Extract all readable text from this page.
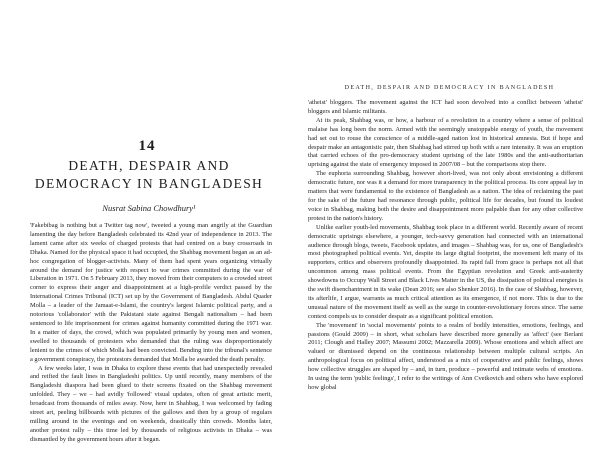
14
DEATH, DESPAIR AND
DEMOCRACY IN BANGLADESH
Nusrat Sabina Chowdhury¹

'Fakebibag is nothing but a Twitter tag now', tweeted a young man angrily at the Guardian lamenting the day before Bangladesh celebrated its 42nd year of independence in 2013. The lament came after six weeks of charged protests that had centred on a busy crossroads in Dhaka. Named for the physical space it had occupied, the Shahbag movement began as an ad-hoc congregation of blogger-activists. Many of them had spent years organizing virtually around the demand for justice with respect to war crimes committed during the war of Liberation in 1971. On 5 February 2013, they moved from their computers to a crowded street corner to express their anger and disappointment at a high-profile verdict passed by the International Crimes Tribunal (ICT) set up by the Government of Bangladesh. Abdul Quader Molla – a leader of the Jamaat-e-Islami, the country's largest Islamic political party, and a notorious 'collaborator' with the Pakistani state against Bengali nationalism – had been sentenced to life imprisonment for crimes against humanity committed during the 1971 war. In a matter of days, the crowd, which was populated primarily by young men and women, swelled to thousands of protesters who demanded that the ruling was disproportionately lenient to the crimes of which Molla had been convicted. Bending into the tribunal's sentence a government conspiracy, the protestors demanded that Molla be awarded the death penalty.

A few weeks later, I was in Dhaka to explore these events that had unexpectedly revealed and reified the fault lines in Bangladeshi politics. Up until recently, many members of the Bangladeshi diaspora had been glued to their screens fixated on the Shahbag movement unfolded. They – we – had avidly 'followed' visual updates, often of great artistic merit, broadcast from thousands of miles away. Now, here in Shahbag, I was welcomed by fading street art, peeling billboards with pictures of the gallows and then by a group of regulars milling around in the evenings and on weekends, drastically thin crowds. Months later, another protest rally – this time led by thousands of religious activists in Dhaka – was dismantled by the government hours after it began.

DEATH, DESPAIR AND DEMOCRACY IN BANGLADESH

'atheist' bloggers. The movement against the ICT had soon devolved into a conflict between 'atheist' bloggers and Islamic militants.

At its peak, Shahbag was, or how, a harbour of a revolution in a country where a sense of political malaise has long been the norm. Armed with the seemingly unstoppable energy of youth, the movement had set out to rouse the conscience of a middle-aged nation lost in historical amnesia. But if hope and despair make an antagonistic pair, then Shahbag had stirred up both with a rare intensity. It was an eruption that carried echoes of the pro-democracy student uprising of the late 1980s and the anti-authoritarian uprising against the state of emergency imposed in 2007/08 – but the comparisons stop there.

The euphoria surrounding Shahbag, however short-lived, was not only about envisioning a different democratic future, nor was it a demand for more transparency in the political process. Its core appeal lay in matters that were fundamental to the existence of Bangladesh as a nation. The idea of reclaiming the past for the sake of the future had resonance through public, political life for decades, but found its loudest voice in Shahbag, making both the desire and disappointment more palpable than for any other collective protest in the nation's history.

Unlike earlier youth-led movements, Shahbag took place in a different world. Recently aware of recent democratic uprisings elsewhere, a younger, tech-savvy generation had connected with an international audience through blogs, tweets, Facebook updates, and images – Shahbag was, for us, one of Bangladesh's most photographed political events. Yet, despite its large digital footprint, the movement left many of its supporters, critics and observers profoundly disappointed. Its rapid fall from grace is perhaps not all that uncommon among mass political events. From the Egyptian revolution and Greek anti-austerity showdowns to Occupy Wall Street and Black Lives Matter in the US, the dissipation of political energies is the swift disenchantment in its wake (Dean 2016; see also Shenker 2016). In the case of Shahbag, however, its afterlife, I argue, warrants as much critical attention as its emergence, if not more. This is due to the unusual nature of the movement itself as well as the surge in counter-revolutionary forces since. The same context compels us to consider despair as a significant political emotion.

The 'movement' in 'social movements' points to a realm of bodily intensities, emotions, feelings, and passions (Gould 2009) – in short, what scholars have described more generally as 'affect' (see Berlant 2011; Clough and Halley 2007; Massumi 2002; Mazzarella 2009). Whose emotions and which affect are valued or dismissed depend on the continuous relationship between multiple cultural scripts. An anthropological focus on political affect, understood as a mix of cooperative and public feelings, shows how collective struggles are shaped by – and, in turn, produce – powerful and intimate webs of emotions. In using the term 'public feelings', I refer to the writings of Ann Cvetkovich and others who have explored how global
